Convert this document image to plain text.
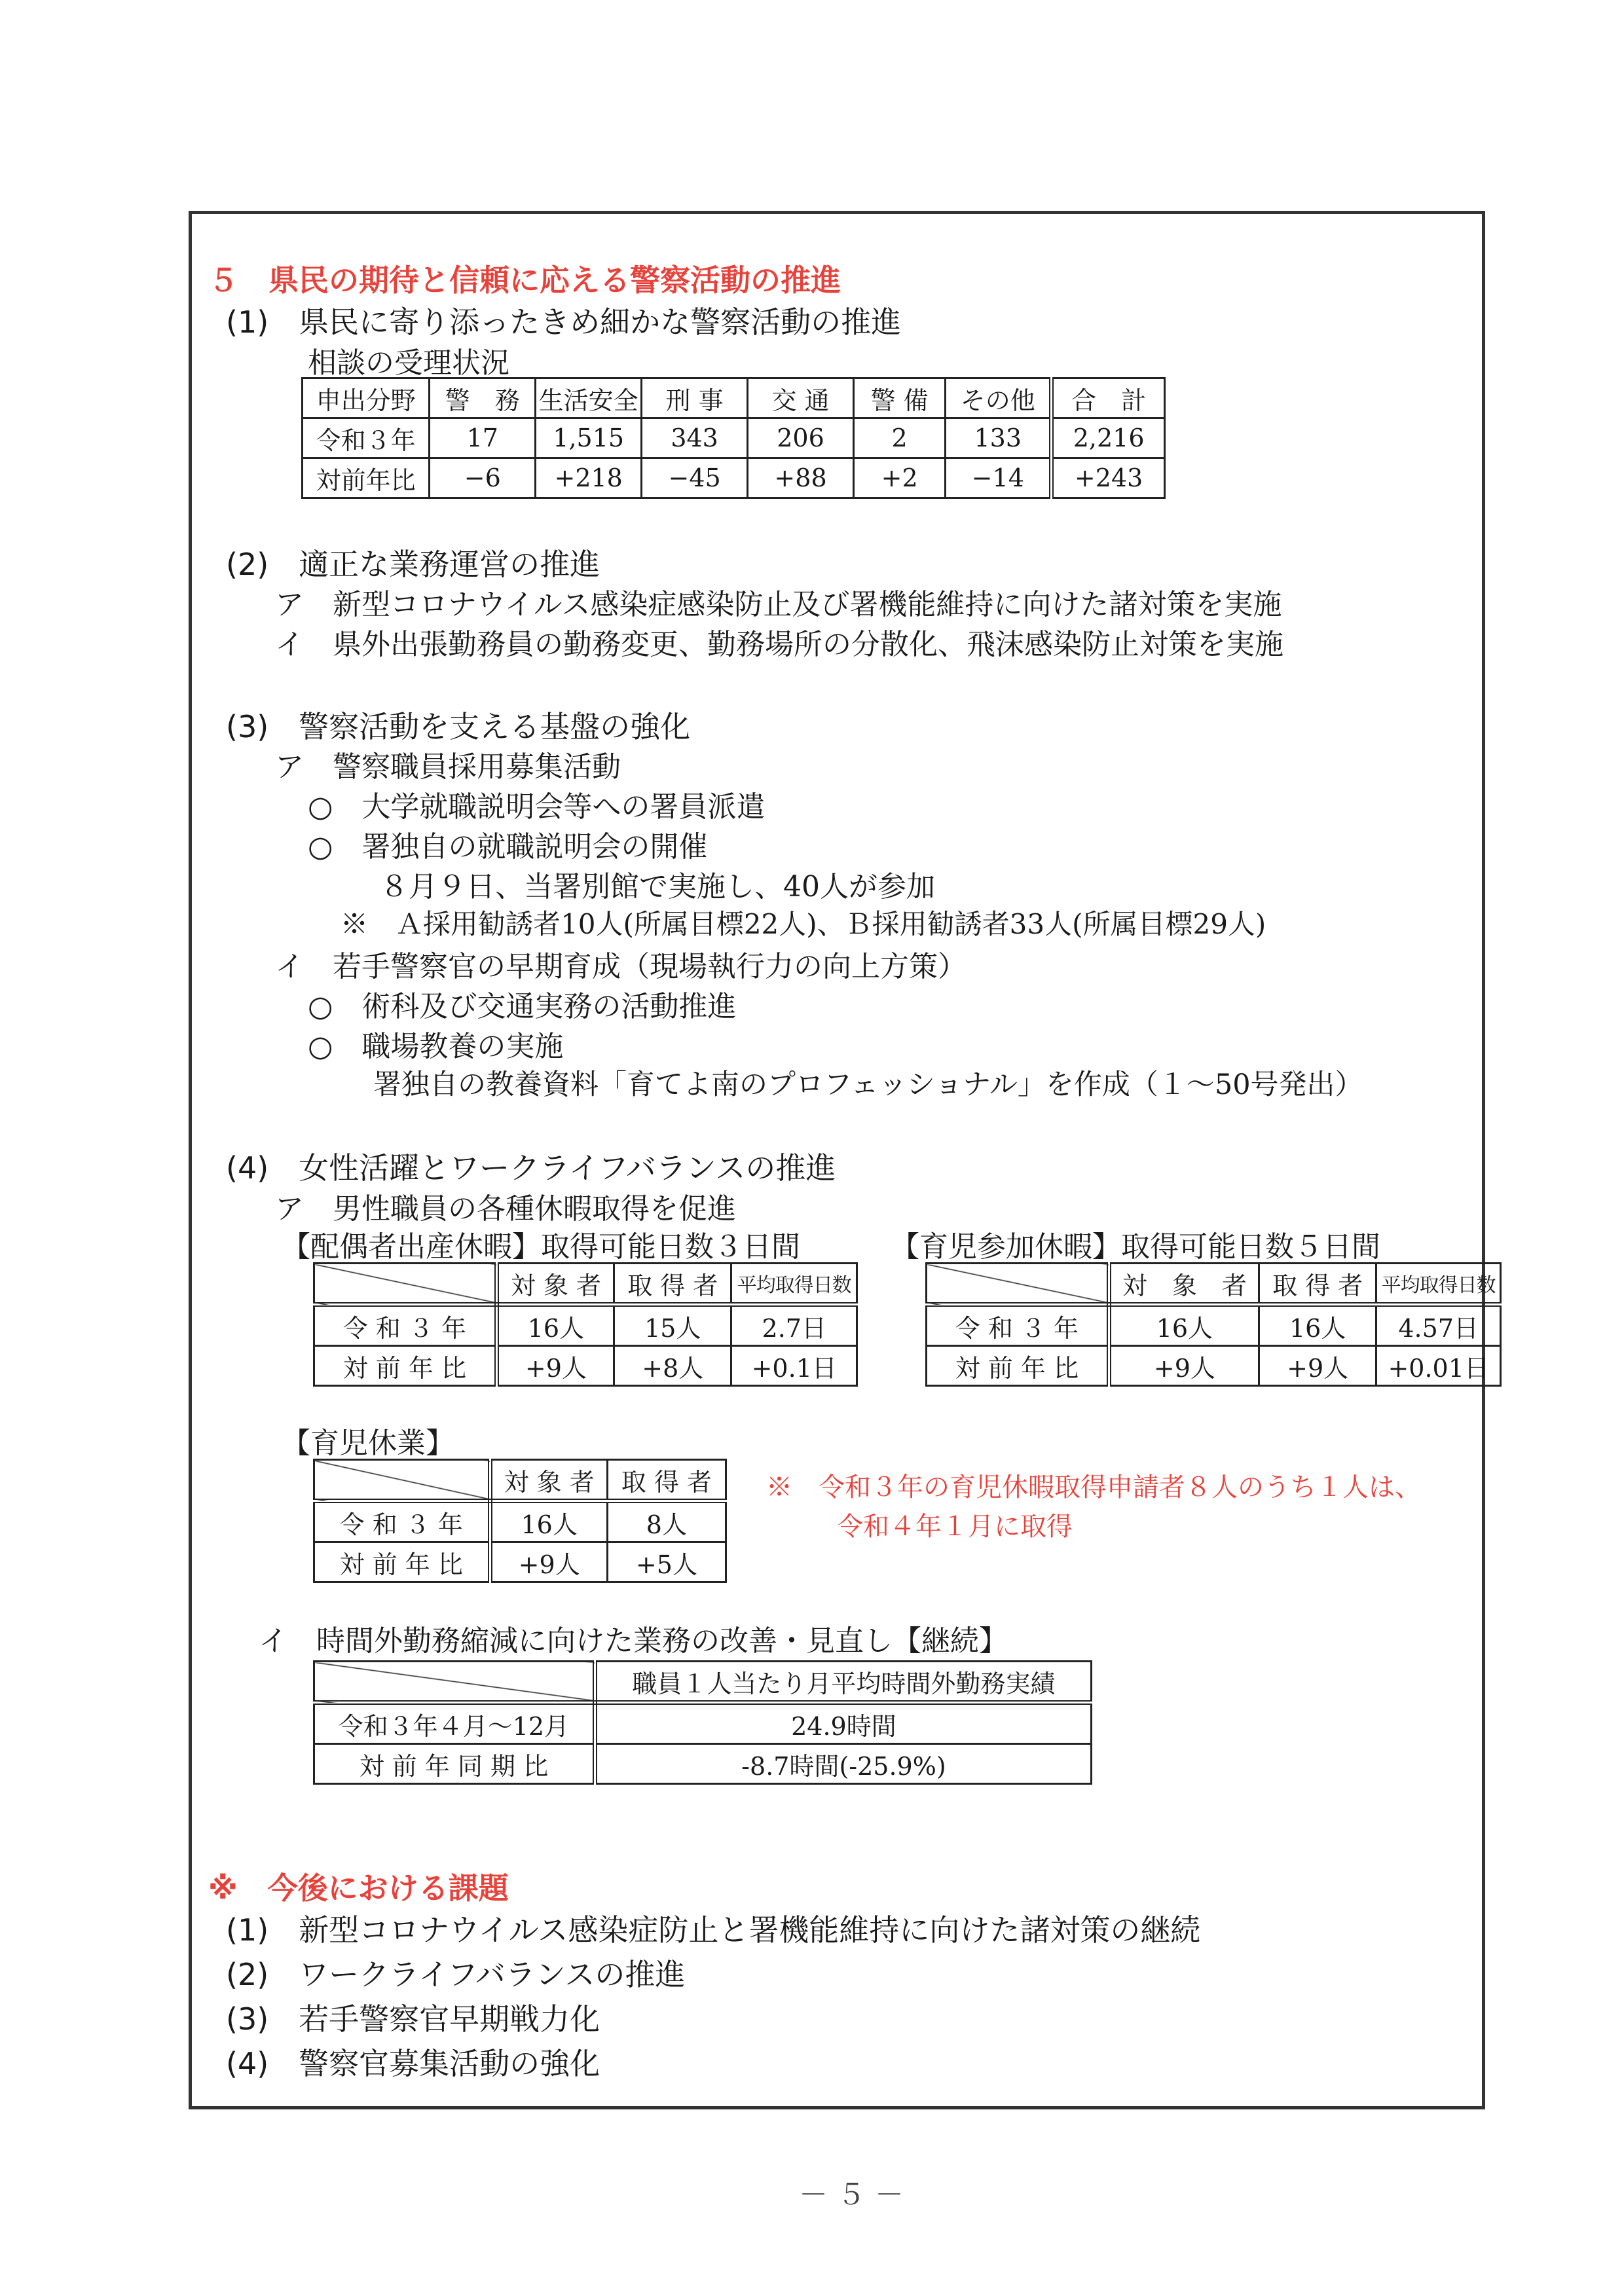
５　県民の期待と信頼に応える警察活動の推進
(1)　県民に寄り添ったきめ細かな警察活動の推進
相談の受理状況
申出分野	警　務	生活安全	刑 事	交 通	警 備	その他	合　計
令和３年	17	1,515	343	206	2	133	2,216
対前年比	−6	+218	−45	+88	+2	−14	+243
(2)　適正な業務運営の推進
ア　新型コロナウイルス感染症感染防止及び署機能維持に向けた諸対策を実施
イ　県外出張勤務員の勤務変更、勤務場所の分散化、飛沫感染防止対策を実施
(3)　警察活動を支える基盤の強化
ア　警察職員採用募集活動
○　大学就職説明会等への署員派遣
○　署独自の就職説明会の開催
８月９日、当署別館で実施し、40人が参加
※　Ａ採用勧誘者10人(所属目標22人)、Ｂ採用勧誘者33人(所属目標29人)
イ　若手警察官の早期育成（現場執行力の向上方策）
○　術科及び交通実務の活動推進
○　職場教養の実施
署独自の教養資料「育てよ南のプロフェッショナル」を作成（１～50号発出）
(4)　女性活躍とワークライフバランスの推進
ア　男性職員の各種休暇取得を促進
【配偶者出産休暇】取得可能日数３日間
	対 象 者	取 得 者	平均取得日数
令 和 ３ 年	16人	15人	2.7日
対 前 年 比	+9人	+8人	+0.1日
【育児参加休暇】取得可能日数５日間
	対　象　者	取 得 者	平均取得日数
令 和 ３ 年	16人	16人	4.57日
対 前 年 比	+9人	+9人	+0.01日
【育児休業】
	対 象 者	取 得 者
令 和 ３ 年	16人	8人
対 前 年 比	+9人	+5人
※　令和３年の育児休暇取得申請者８人のうち１人は、
令和４年１月に取得
イ　時間外勤務縮減に向けた業務の改善・見直し【継続】
	職員１人当たり月平均時間外勤務実績
令和３年４月～12月	24.9時間
対 前 年 同 期 比	-8.7時間(-25.9%)
※　今後における課題
(1)　新型コロナウイルス感染症防止と署機能維持に向けた諸対策の継続
(2)　ワークライフバランスの推進
(3)　若手警察官早期戦力化
(4)　警察官募集活動の強化
－ ５ －
